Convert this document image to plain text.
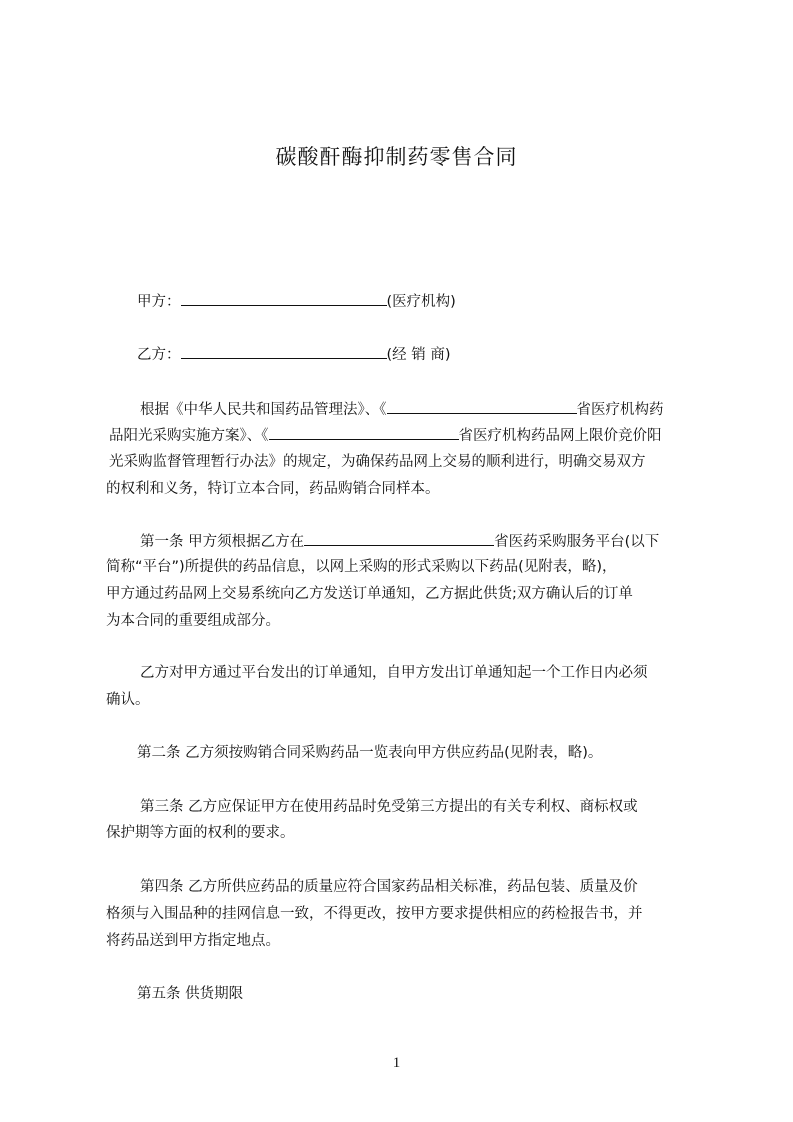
碳酸酐酶抑制药零售合同
甲方：	(医疗机构)
乙方：	(经 销 商)
根据《中华人民共和国药品管理法》、《	省医疗机构药
品阳光采购实施方案》、《	省医疗机构药品网上限价竞价阳
光采购监督管理暂行办法》的规定，为确保药品网上交易的顺利进行，明确交易双方
的权利和义务，特订立本合同，药品购销合同样本。
第一条 甲方须根据乙方在	省医药采购服务平台(以下
简称“平台”)所提供的药品信息，以网上采购的形式采购以下药品(见附表，略)，
甲方通过药品网上交易系统向乙方发送订单通知，乙方据此供货;双方确认后的订单
为本合同的重要组成部分。
乙方对甲方通过平台发出的订单通知，自甲方发出订单通知起一个工作日内必须
确认。
第二条 乙方须按购销合同采购药品一览表向甲方供应药品(见附表，略)。
第三条 乙方应保证甲方在使用药品时免受第三方提出的有关专利权、商标权或
保护期等方面的权利的要求。
第四条 乙方所供应药品的质量应符合国家药品相关标准，药品包装、质量及价
格须与入围品种的挂网信息一致，不得更改，按甲方要求提供相应的药检报告书，并
将药品送到甲方指定地点。
第五条 供货期限
1
